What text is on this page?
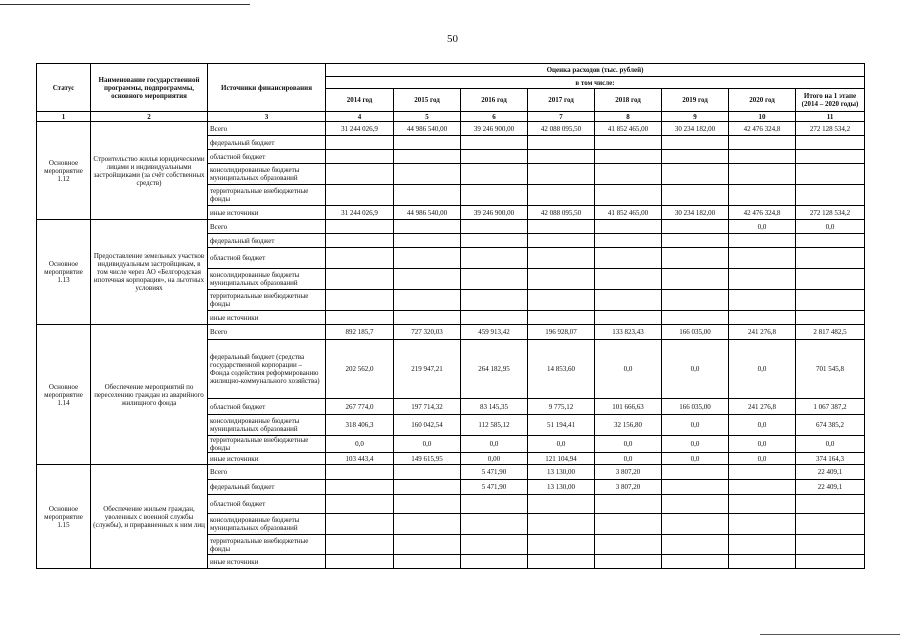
50
Статус	Наименование государственной программы, подпрограммы, основного мероприятия	Источники финансирования	Оценка расходов (тыс. рублей)							
			в том числе:							
			2014 год	2015 год	2016 год	2017 год	2018 год	2019 год	2020 год	Итого на 1 этапе (2014 – 2020 годы)
1	2	3	4	5	6	7	8	9	10	11
Основное мероприятие 1.12	Строительство жилья юридическими лицами и индивидуальными застройщиками (за счёт собственных средств)	Всего	31 244 026,9	44 986 540,00	39 246 900,00	42 088 095,50	41 852 465,00	30 234 182,00	42 476 324,8	272 128 534,2
		федеральный бюджет								
		областной бюджет								
		консолидированные бюджеты муниципальных образований								
		территориальные внебюджетные фонды								
		иные источники	31 244 026,9	44 986 540,00	39 246 900,00	42 088 095,50	41 852 465,00	30 234 182,00	42 476 324,8	272 128 534,2
Основное мероприятие 1.13	Предоставление земельных участков индивидуальным застройщикам, в том числе через АО «Белгородская ипотечная корпорация», на льготных условиях	Всего							0,0	0,0
		федеральный бюджет								
		областной бюджет								
		консолидированные бюджеты муниципальных образований								
		территориальные внебюджетные фонды								
		иные источники								
Основное мероприятие 1.14	Обеспечение мероприятий по переселению граждан из аварийного жилищного фонда	Всего	892 185,7	727 320,03	459 913,42	196 928,07	133 823,43	166 035,00	241 276,8	2 817 482,5
		федеральный бюджет (средства государственной корпорации – Фонда содействия реформированию жилищно-коммунального хозяйства)	202 562,0	219 947,21	264 182,95	14 853,60	0,0	0,0	0,0	701 545,8
		областной бюджет	267 774,0	197 714,32	83 145,35	9 775,12	101 666,63	166 035,00	241 276,8	1 067 387,2
		консолидированные бюджеты муниципальных образований	318 406,3	160 042,54	112 585,12	51 194,41	32 156,80	0,0	0,0	674 385,2
		территориальные внебюджетные фонды	0,0	0,0	0,0	0,0	0,0	0,0	0,0	0,0
		иные источники	103 443,4	149 615,95	0,00	121 104,94	0,0	0,0	0,0	374 164,3
Основное мероприятие 1.15	Обеспечение жильем граждан, уволенных с военной службы (службы), и приравненных к ним лиц	Всего			5 471,90	13 130,00	3 807,20			22 409,1
		федеральный бюджет			5 471,90	13 130,00	3 807,20			22 409,1
		областной бюджет								
		консолидированные бюджеты муниципальных образований								
		территориальные внебюджетные фонды								
		иные источники								
